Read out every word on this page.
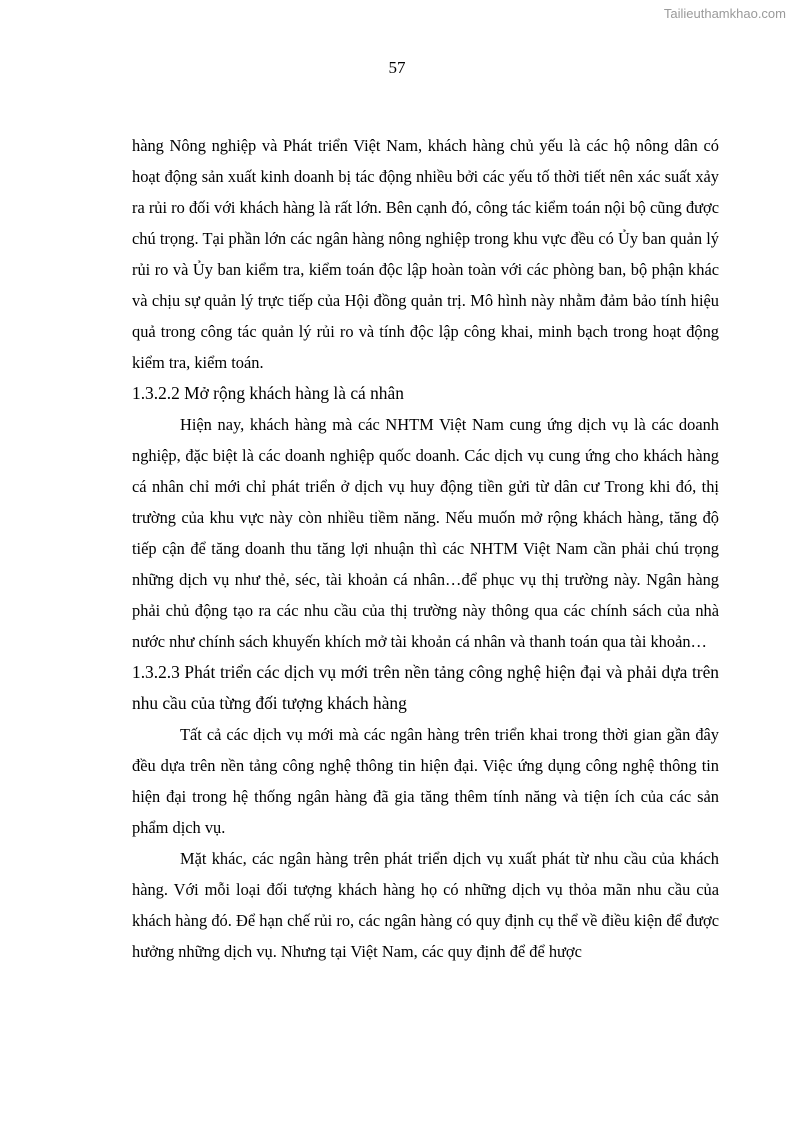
Tailieuthamkhao.com
57

hàng Nông nghiệp và Phát triển Việt Nam, khách hàng chủ yếu là các hộ nông dân có hoạt động sản xuất kinh doanh bị tác động nhiều bởi các yếu tố thời tiết nên xác suất xảy ra rủi ro đối với khách hàng là rất lớn. Bên cạnh đó, công tác kiểm toán nội bộ cũng được chú trọng. Tại phần lớn các ngân hàng nông nghiệp trong khu vực đều có Ủy ban quản lý rủi ro và Ủy ban kiểm tra, kiểm toán độc lập hoàn toàn với các phòng ban, bộ phận khác và chịu sự quản lý trực tiếp của Hội đồng quản trị. Mô hình này nhằm đảm bảo tính hiệu quả trong công tác quản lý rủi ro và tính độc lập công khai, minh bạch trong hoạt động kiểm tra, kiểm toán.

1.3.2.2 Mở rộng khách hàng là cá nhân

Hiện nay, khách hàng mà các NHTM Việt Nam cung ứng dịch vụ là các doanh nghiệp, đặc biệt là các doanh nghiệp quốc doanh. Các dịch vụ cung ứng cho khách hàng cá nhân chỉ mới chỉ phát triển ở dịch vụ huy động tiền gửi từ dân cư Trong khi đó, thị trường của khu vực này còn nhiều tiềm năng. Nếu muốn mở rộng khách hàng, tăng độ tiếp cận để tăng doanh thu tăng lợi nhuận thì các NHTM Việt Nam cần phải chú trọng những dịch vụ như thẻ, séc, tài khoản cá nhân…để phục vụ thị trường này. Ngân hàng phải chủ động tạo ra các nhu cầu của thị trường này thông qua các chính sách của nhà nước như chính sách khuyến khích mở tài khoản cá nhân và thanh toán qua tài khoản…

1.3.2.3 Phát triển các dịch vụ mới trên nền tảng công nghệ hiện đại và phải dựa trên nhu cầu của từng đối tượng khách hàng

Tất cả các dịch vụ mới mà các ngân hàng trên triển khai trong thời gian gần đây đều dựa trên nền tảng công nghệ thông tin hiện đại. Việc ứng dụng công nghệ thông tin hiện đại trong hệ thống ngân hàng đã gia tăng thêm tính năng và tiện ích của các sản phẩm dịch vụ.

Mặt khác, các ngân hàng trên phát triển dịch vụ xuất phát từ nhu cầu của khách hàng. Với mỗi loại đối tượng khách hàng họ có những dịch vụ thỏa mãn nhu cầu của khách hàng đó. Để hạn chế rủi ro, các ngân hàng có quy định cụ thể về điều kiện để được hưởng những dịch vụ. Nhưng tại Việt Nam, các quy định để để hược
